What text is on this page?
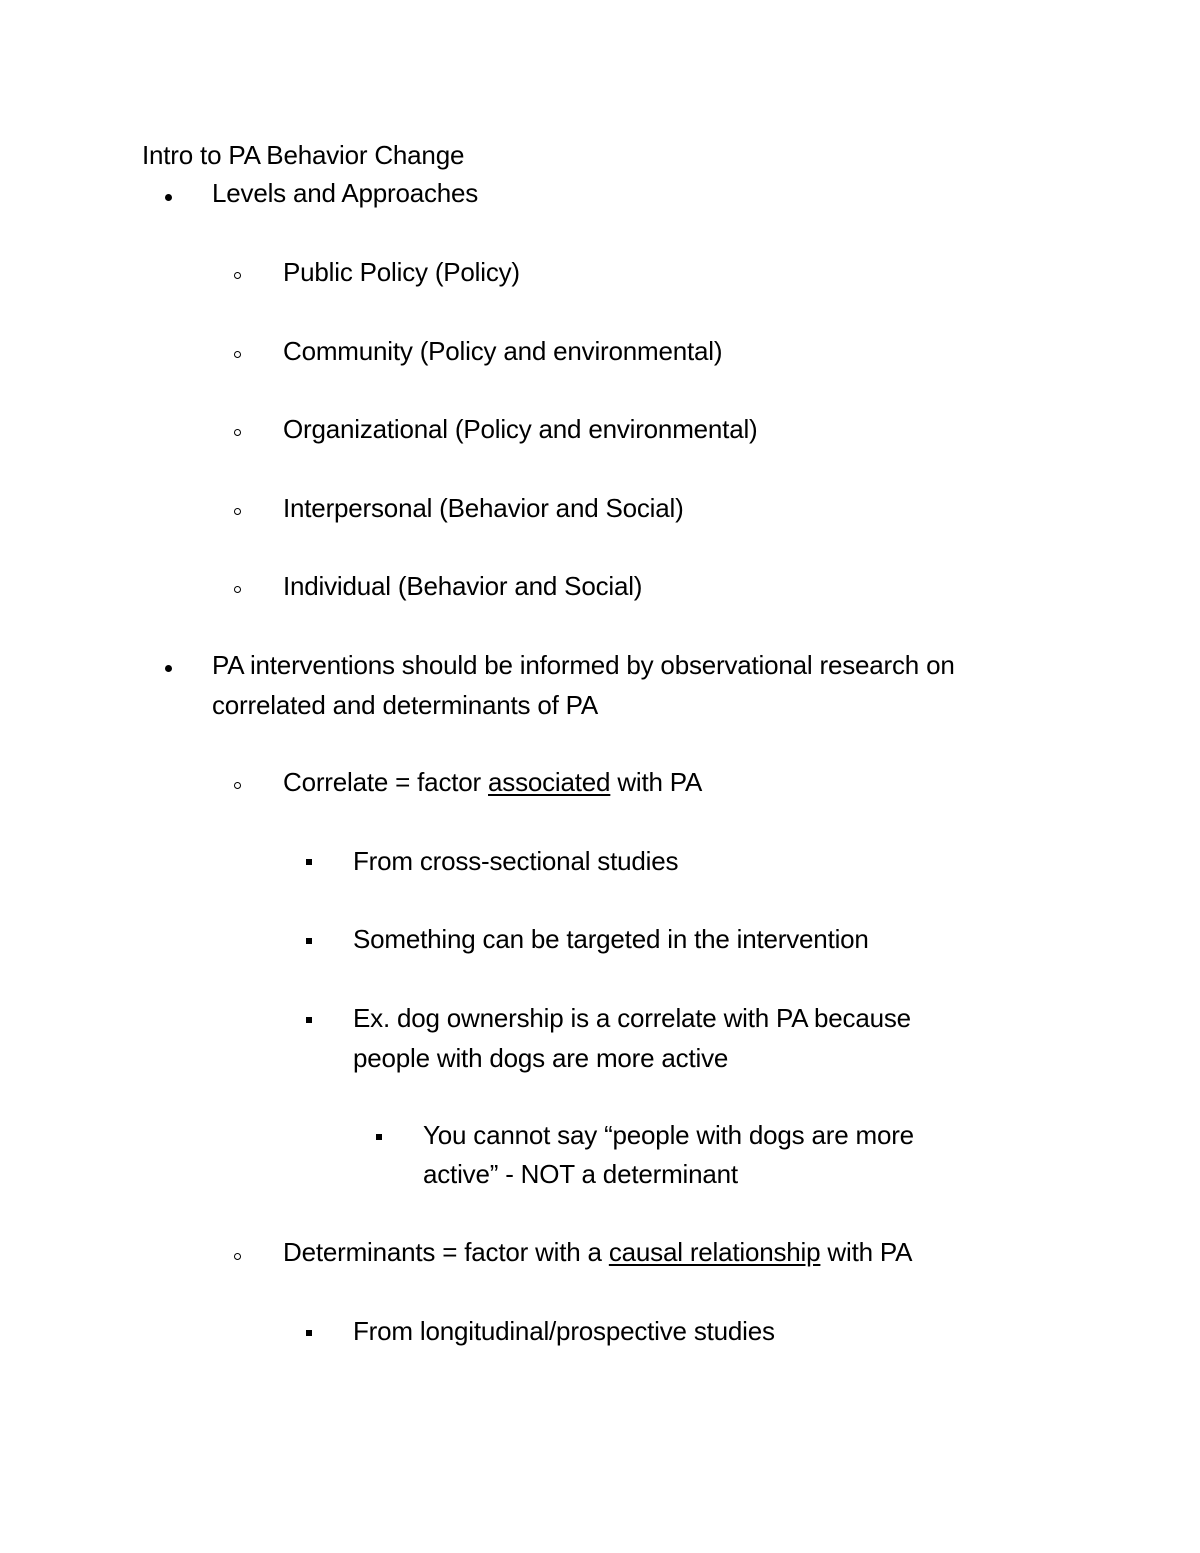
Intro to PA Behavior Change
Levels and Approaches
Public Policy (Policy)
Community (Policy and environmental)
Organizational (Policy and environmental)
Interpersonal (Behavior and Social)
Individual (Behavior and Social)
PA interventions should be informed by observational research on
correlated and determinants of PA
Correlate = factor associated with PA
From cross-sectional studies
Something can be targeted in the intervention
Ex. dog ownership is a correlate with PA because
people with dogs are more active
You cannot say “people with dogs are more
active” - NOT a determinant
Determinants = factor with a causal relationship with PA
From longitudinal/prospective studies
